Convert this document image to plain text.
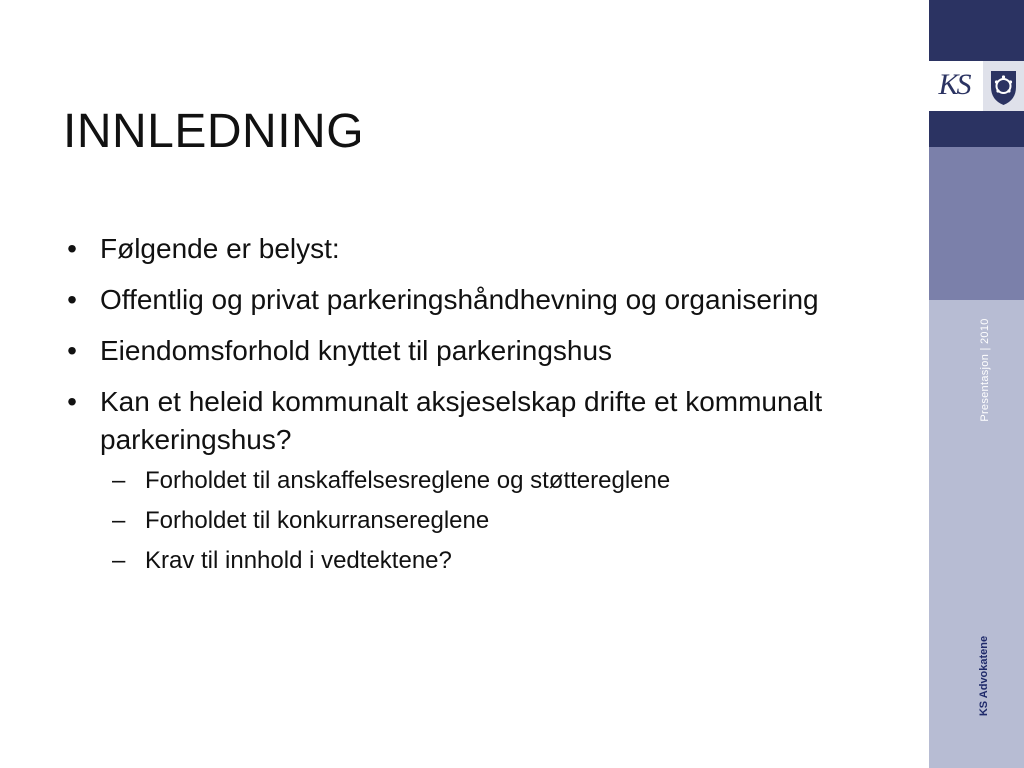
INNLEDNING
• Følgende er belyst:
• Offentlig og privat parkeringshåndhevning og organisering
• Eiendomsforhold knyttet til parkeringshus
• Kan et heleid kommunalt aksjeselskap drifte et kommunalt parkeringshus?
– Forholdet til anskaffelsesreglene og støttereglene
– Forholdet til konkurransereglene
– Krav til innhold i vedtektene?
KS
Presentasjon | 2010
KS Advokatene
